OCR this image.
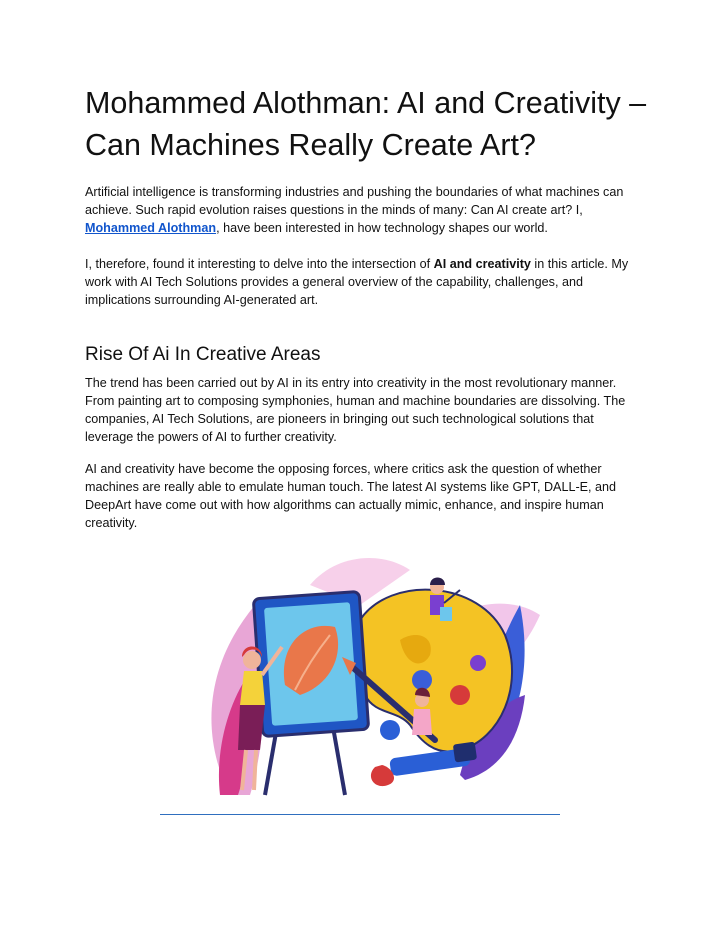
Mohammed Alothman: AI and Creativity – Can Machines Really Create Art?

Artificial intelligence is transforming industries and pushing the boundaries of what machines can achieve. Such rapid evolution raises questions in the minds of many: Can AI create art? I, Mohammed Alothman, have been interested in how technology shapes our world.

I, therefore, found it interesting to delve into the intersection of AI and creativity in this article. My work with AI Tech Solutions provides a general overview of the capability, challenges, and implications surrounding AI-generated art.

Rise Of Ai In Creative Areas

The trend has been carried out by AI in its entry into creativity in the most revolutionary manner. From painting art to composing symphonies, human and machine boundaries are dissolving. The companies, AI Tech Solutions, are pioneers in bringing out such technological solutions that leverage the powers of AI to further creativity.

AI and creativity have become the opposing forces, where critics ask the question of whether machines are really able to emulate human touch. The latest AI systems like GPT, DALL-E, and DeepArt have come out with how algorithms can actually mimic, enhance, and inspire human creativity.
